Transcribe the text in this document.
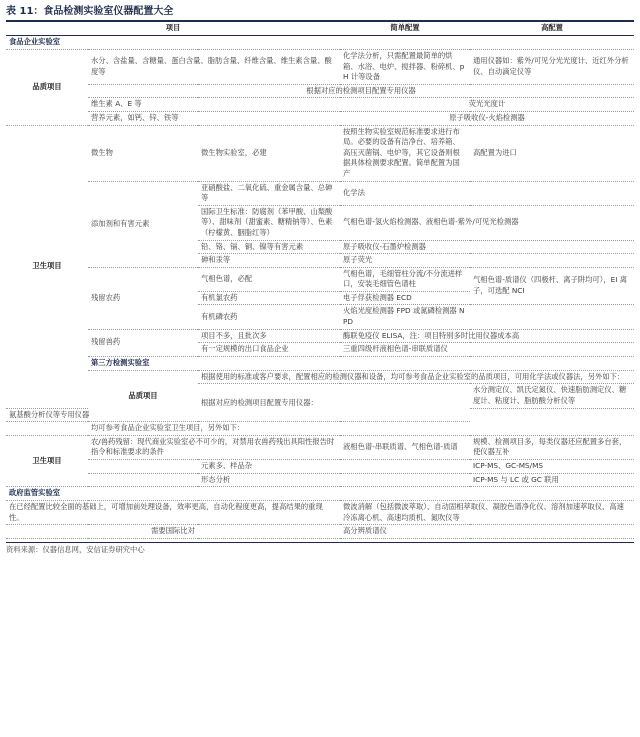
表 11：食品检测实验室仪器配置大全
项目			简单配置	高配置
食品企业实验室				
品质项目	水分、含盐量、含糖量、蛋白含量、脂肪含量、纤维含量、维生素含量、酸度等		化学法分析，只需配置最简单的烘箱、水浴、电炉、搅拌器、粉碎机、pH 计等设备	通用仪器如：紫外/可见分光光度计、近红外分析仪、自动滴定仪等
	根据对应的检测项目配置专用仪器			
	维生素 A、E 等		荧光光度计	
	营养元素，如钙、锌、铁等		原子吸收仪-火焰检测器	
卫生项目	微生物	微生物实验室，必建	按照生物实验室规范标准要求进行布局。必要的设备有洁净台、培养箱、高压灭菌锅、电炉等，其它设备则根据具体检测要求配置。简单配置为国产	高配置为进口
	添加剂和有害元素	亚硝酸盐、二氧化硫、重金属含量、总砷等	化学法	
		国际卫生标准：防腐剂（苯甲酸、山梨酸等）、甜味剂（甜蜜素、糖精钠等）、色素（柠檬黄、胭脂红等）	气相色谱-氢火焰检测器、液相色谱-紫外/可见光检测器	
		铅、铬、镉、铜、镍等有害元素	原子吸收仪-石墨炉检测器	
		砷和汞等	原子荧光	
	残留农药	气相色谱，必配	气相色谱，毛细管柱分流/不分流进样口，安装毛细管色谱柱	气相色谱-质谱仪（四极杆、离子阱均可），EI 离子，可选配 NCI
		有机氯农药	电子俘获检测器 ECD	
		有机磷农药	火焰光度检测器 FPD 或氮磷检测器 NPD	
	残留兽药	项目不多，且批次多	酶联免疫仪 ELISA，注：项目特别多时比用仪器成本高	
		有一定规模的出口食品企业	三重四级杆液相色谱-串联质谱仪	
	第三方检测实验室			
	品质项目	根据使用的标准或客户要求，配置相应的检测仪器和设备，均可参考食品企业实验室的品质项目，可用化学法或仪器法，另外如下：		
		根据对应的检测项目配置专用仪器：		水分测定仪、凯氏定氮仪、快速脂肪测定仪、糖度计、粘度计、脂肪酸分析仪等
氨基酸分析仪等专用仪器				
	均可参考食品企业实验室卫生项目，另外如下：			
卫生项目	农/兽药残留：现代商业实验室必不可少的，对禁用农兽药残出具阳性报告时指令和标准要求的条件		液相色谱-串联质谱、气相色谱-质谱	规模、检测项目多，每类仪器还应配置多台套，使仪器互补
		元素多、样品杂		ICP-MS、GC-MS/MS
		形态分析		ICP-MS 与 LC 或 GC 联用
政府监管实验室				
在已经配置比较全面的基础上，可增加前处理设备，效率更高，自动化程度更高，提高结果的重现性。			微波消解（包括微波萃取）、自动固相萃取仪、凝胶色谱净化仪、溶剂加速萃取仪、高速冷冻离心机、高速均质机、氮吹仪等	
需要国际比对			高分辨质谱仪	
资料来源：仪器信息网，安信证券研究中心
